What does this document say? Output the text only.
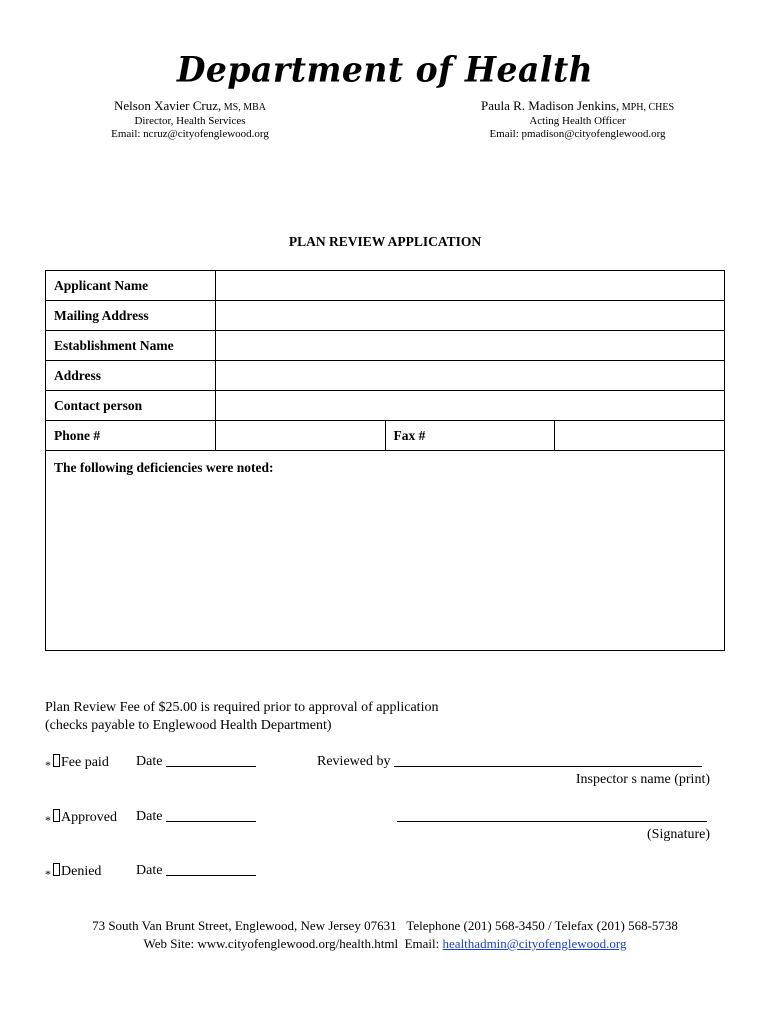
Department of Health
Nelson Xavier Cruz, MS, MBA
Director, Health Services
Email: ncruz@cityofenglewood.org
Paula R. Madison Jenkins, MPH, CHES
Acting Health Officer
Email: pmadison@cityofenglewood.org
PLAN REVIEW APPLICATION
Applicant Name			
Mailing Address			
Establishment Name			
Address			
Contact person			
Phone #		Fax #	
The following deficiencies were noted:			
Plan Review Fee of $25.00 is required prior to approval of application
(checks payable to Englewood Health Department)
* Fee paid Date	Reviewed by
Inspector s name (print)
* Approved Date
(Signature)
* Denied Date
73 South Van Brunt Street, Englewood, New Jersey 07631 Telephone (201) 568-3450 / Telefax (201) 568-5738
Web Site: www.cityofenglewood.org/health.html Email: healthadmin@cityofenglewood.org
